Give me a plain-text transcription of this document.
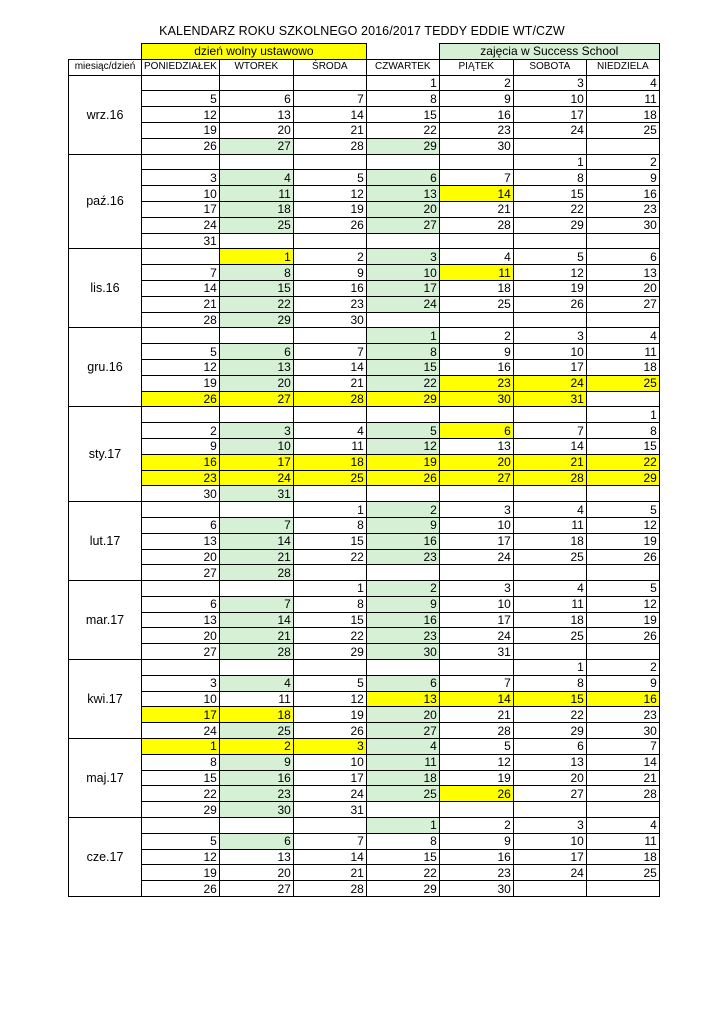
KALENDARZ ROKU SZKOLNEGO 2016/2017 TEDDY EDDIE WT/CZW
	dzień wolny ustawowo				zajęcia w Success School		
miesiąc/dzień	PONIEDZIAŁEK	WTOREK	ŚRODA	CZWARTEK	PIĄTEK	SOBOTA	NIEDZIELA
wrz.16				1	2	3	4
	5	6	7	8	9	10	11
	12	13	14	15	16	17	18
	19	20	21	22	23	24	25
	26	27	28	29	30		
paź.16						1	2
	3	4	5	6	7	8	9
	10	11	12	13	14	15	16
	17	18	19	20	21	22	23
	24	25	26	27	28	29	30
	31						
lis.16		1	2	3	4	5	6
	7	8	9	10	11	12	13
	14	15	16	17	18	19	20
	21	22	23	24	25	26	27
	28	29	30				
gru.16				1	2	3	4
	5	6	7	8	9	10	11
	12	13	14	15	16	17	18
	19	20	21	22	23	24	25
	26	27	28	29	30	31	
sty.17							1
	2	3	4	5	6	7	8
	9	10	11	12	13	14	15
	16	17	18	19	20	21	22
	23	24	25	26	27	28	29
	30	31					
lut.17			1	2	3	4	5
	6	7	8	9	10	11	12
	13	14	15	16	17	18	19
	20	21	22	23	24	25	26
	27	28					
mar.17			1	2	3	4	5
	6	7	8	9	10	11	12
	13	14	15	16	17	18	19
	20	21	22	23	24	25	26
	27	28	29	30	31		
kwi.17						1	2
	3	4	5	6	7	8	9
	10	11	12	13	14	15	16
	17	18	19	20	21	22	23
	24	25	26	27	28	29	30
maj.17	1	2	3	4	5	6	7
	8	9	10	11	12	13	14
	15	16	17	18	19	20	21
	22	23	24	25	26	27	28
	29	30	31				
cze.17				1	2	3	4
	5	6	7	8	9	10	11
	12	13	14	15	16	17	18
	19	20	21	22	23	24	25
	26	27	28	29	30		
